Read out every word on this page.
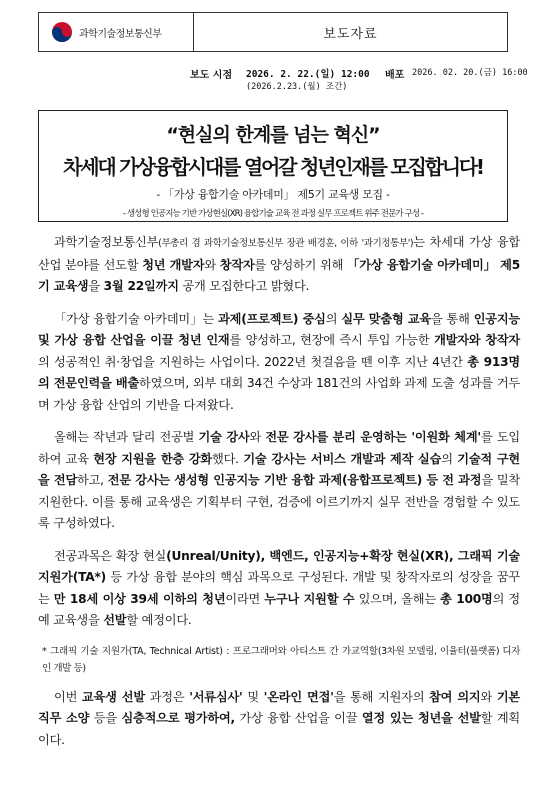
과학기술정보통신부	보도자료
보도 시점 2026. 2. 22.(일) 12:00
(2026.2.23.(월) 조간)
배포 2026. 02. 20.(금) 16:00
“현실의 한계를 넘는 혁신”
차세대 가상융합시대를 열어갈 청년인재를 모집합니다!
- 「가상 융합기술 아카데미」 제5기 교육생 모집 -
- 생성형 인공지능 기반 가상현실(XR) 융합기술 교육 전 과정 실무 프로젝트 위주 전문가 구성 -

과학기술정보통신부(부총리 겸 과학기술정보통신부 장관 배경훈, 이하 '과기정통부')는 차세대 가상 융합 산업 분야를 선도할 청년 개발자와 창작자를 양성하기 위해 「가상 융합기술 아카데미」 제5기 교육생을 3월 22일까지 공개 모집한다고 밝혔다.

「가상 융합기술 아카데미」는 과제(프로젝트) 중심의 실무 맞춤형 교육을 통해 인공지능 및 가상 융합 산업을 이끌 청년 인재를 양성하고, 현장에 즉시 투입 가능한 개발자와 창작자의 성공적인 취·창업을 지원하는 사업이다. 2022년 첫걸음을 뗀 이후 지난 4년간 총 913명의 전문인력을 배출하였으며, 외부 대회 34건 수상과 181건의 사업화 과제 도출 성과를 거두며 가상 융합 산업의 기반을 다져왔다.

올해는 작년과 달리 전공별 기술 강사와 전문 강사를 분리 운영하는 '이원화 체계'를 도입하여 교육 현장 지원을 한층 강화했다. 기술 강사는 서비스 개발과 제작 실습의 기술적 구현을 전담하고, 전문 강사는 생성형 인공지능 기반 융합 과제(융합프로젝트) 등 전 과정을 밀착 지원한다. 이를 통해 교육생은 기획부터 구현, 검증에 이르기까지 실무 전반을 경험할 수 있도록 구성하였다.

전공과목은 확장 현실(Unreal/Unity), 백엔드, 인공지능+확장 현실(XR), 그래픽 기술 지원가(TA*) 등 가상 융합 분야의 핵심 과목으로 구성된다. 개발 및 창작자로의 성장을 꿈꾸는 만 18세 이상 39세 이하의 청년이라면 누구나 지원할 수 있으며, 올해는 총 100명의 정예 교육생을 선발할 예정이다.

* 그래픽 기술 지원가(TA, Technical Artist) : 프로그래머와 아티스트 간 가교역할(3차원 모델링, 이율터(플랫폼) 디자인 개발 등)

이번 교육생 선발 과정은 '서류심사' 및 '온라인 면접'을 통해 지원자의 참여 의지와 기본 직무 소양 등을 심층적으로 평가하여, 가상 융합 산업을 이끌 열정 있는 청년을 선발할 계획이다.
